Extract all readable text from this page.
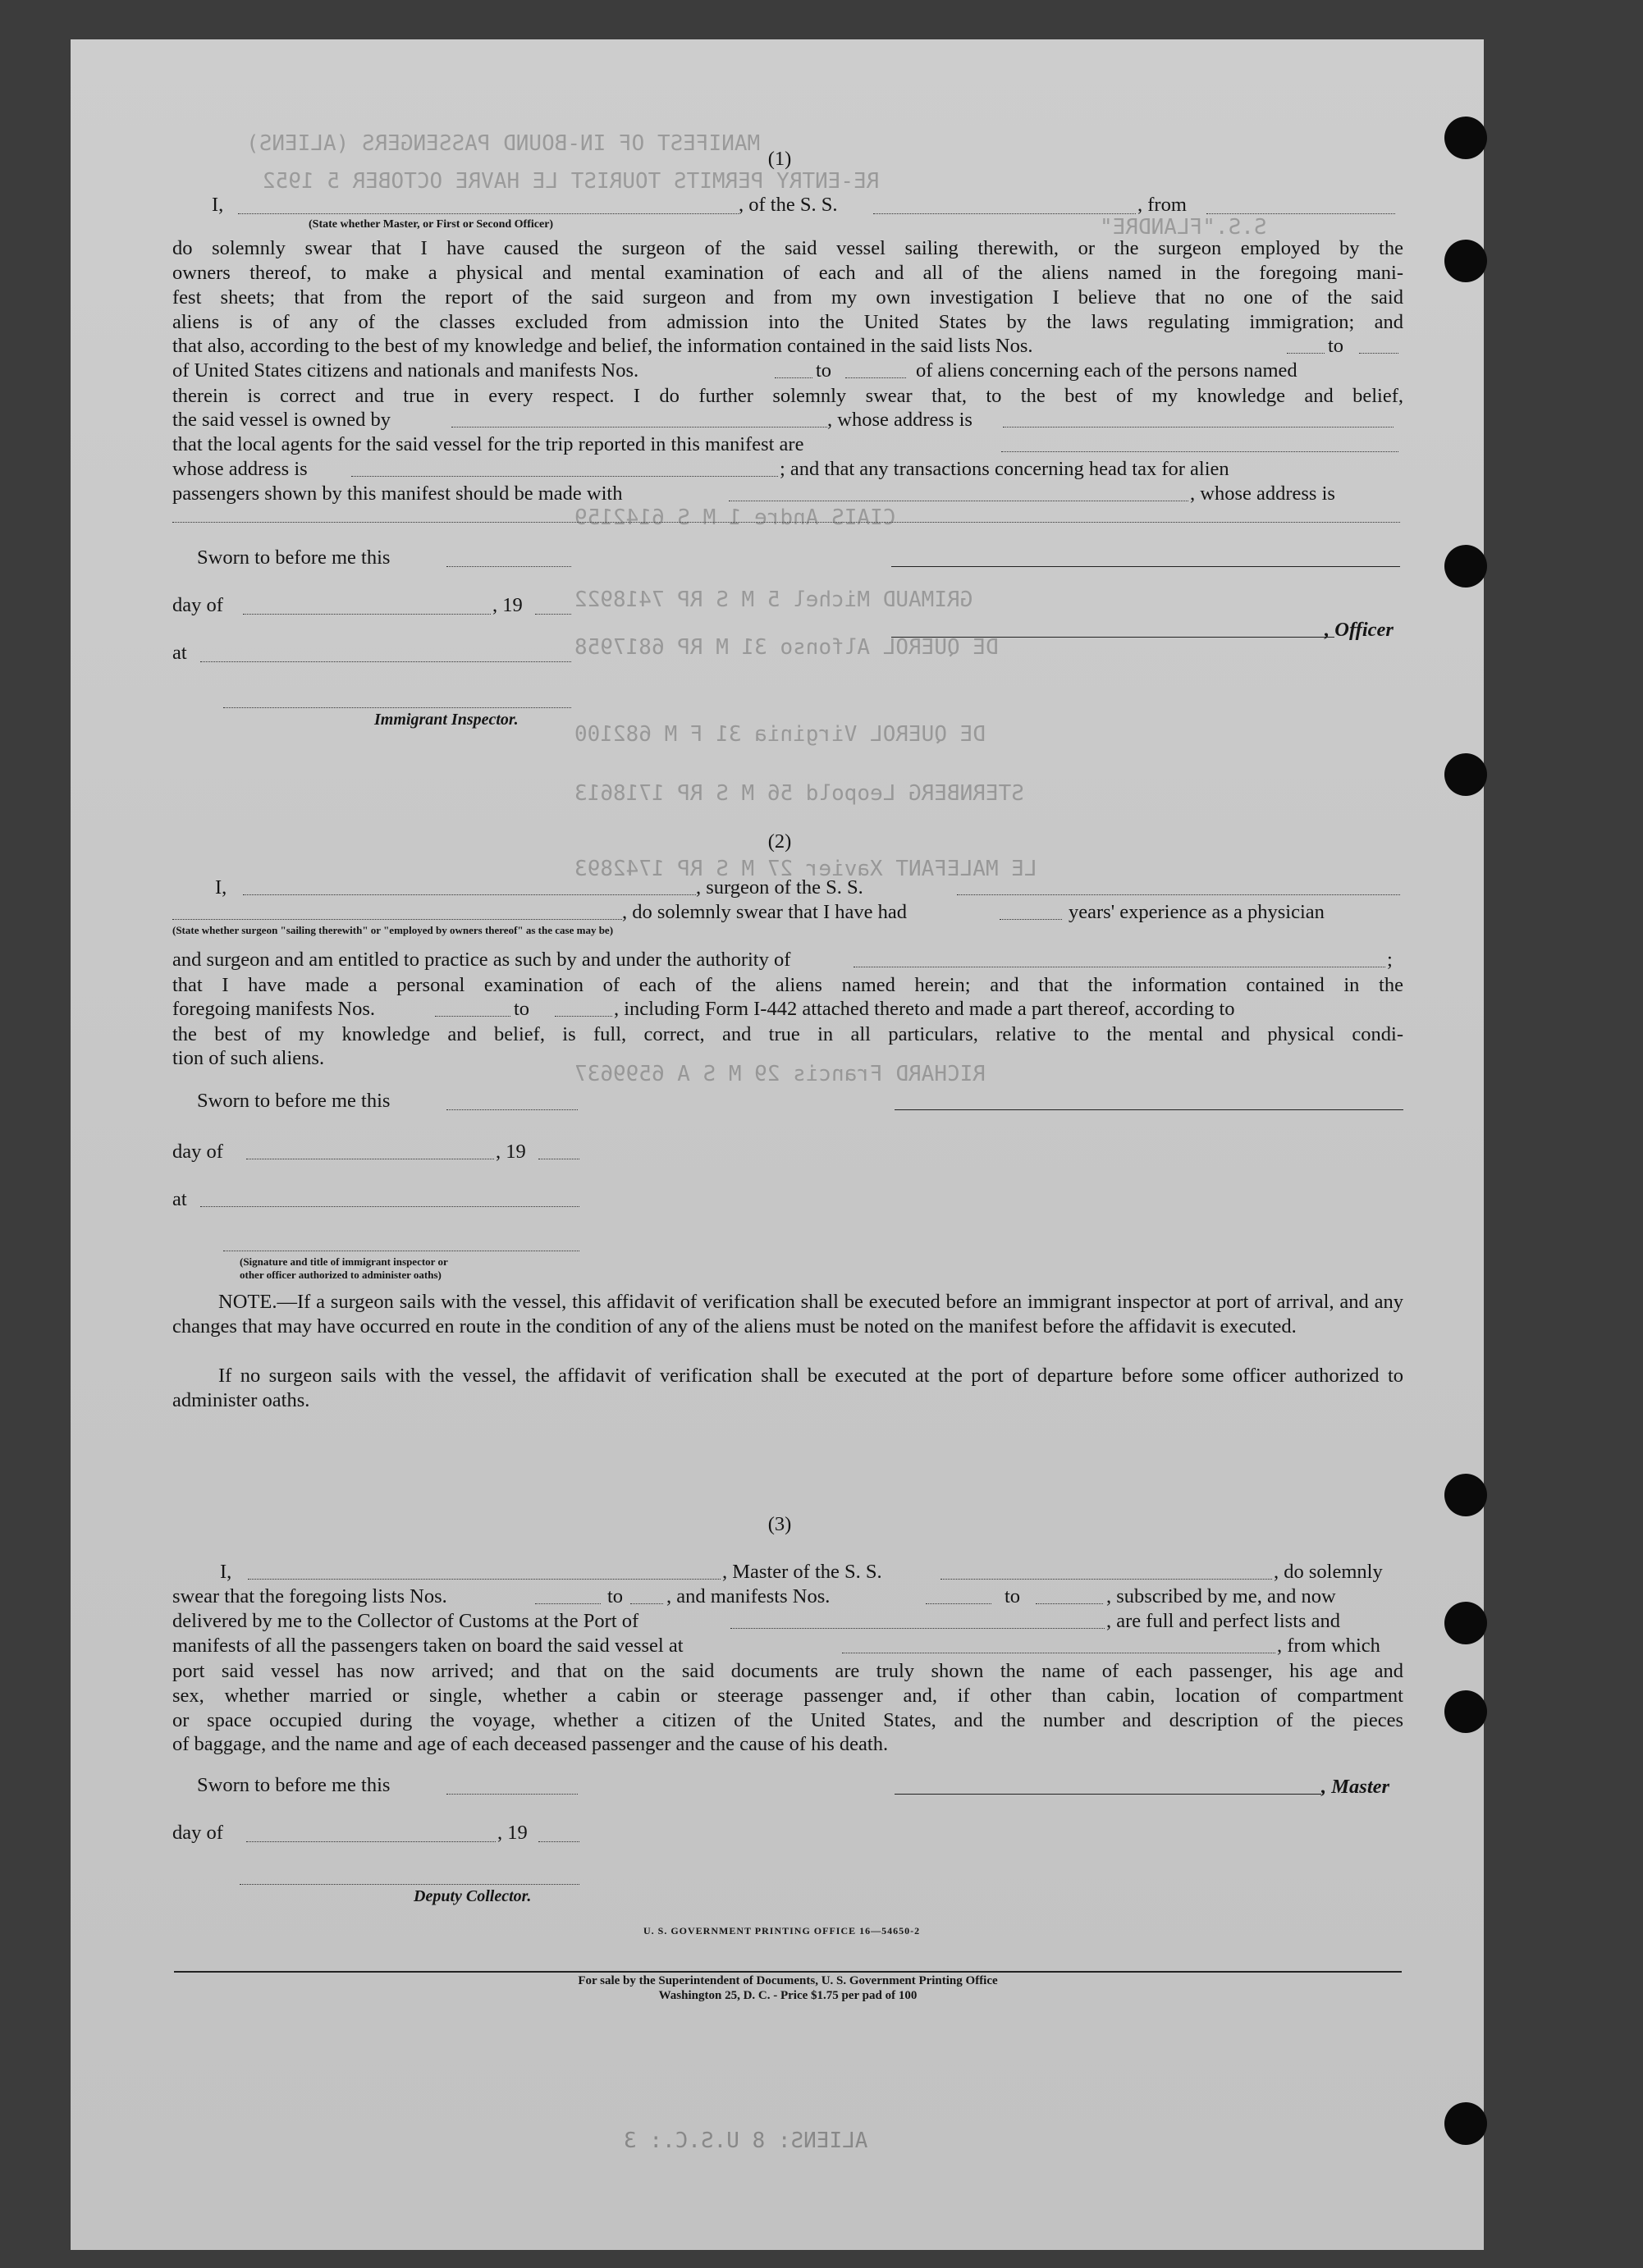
MANIFEST OF IN-BOUND PASSENGERS (ALIENS)
RE-ENTRY PERMITS TOURIST LE HAVRE OCTOBER 5 1952
S.S."FLANDRE"
CIAIS Andre 1 M S 6142159
GRIMAUD Michel 5 M S RP 7418922
DE QUEROL Alfonso 31 M RP 6817958
DE QUEROL Virginia 31 F M 682100
STERNBERG Leopold 56 M S RP 1718613
LE MALEFANT Xavier 27 M S RP 1742893
RICHARD Francis 29 M S A 6599637
ALIENS: 8 U.S.C.: 3
(1)
I,	, of the S. S.	, from
(State whether Master, or First or Second Officer)

do solemnly swear that I have caused the surgeon of the said vessel sailing therewith, or the surgeon employed by the

owners thereof, to make a physical and mental examination of each and all of the aliens named in the foregoing mani-

fest sheets; that from the report of the said surgeon and from my own investigation I believe that no one of the said

aliens is of any of the classes excluded from admission into the United States by the laws regulating immigration; and

that also, according to the best of my knowledge and belief, the information contained in the said lists Nos.	to
of United States citizens and nationals and manifests Nos.	to	of aliens concerning each of the persons named

therein is correct and true in every respect. I do further solemnly swear that, to the best of my knowledge and belief,

the said vessel is owned by	, whose address is
that the local agents for the said vessel for the trip reported in this manifest are
whose address is	; and that any transactions concerning head tax for alien
passengers shown by this manifest should be made with	, whose address is
Sworn to before me this
day of	, 19
, Officer
at
Immigrant Inspector.
(2)
I,	, surgeon of the S. S.
, do solemnly swear that I have had	years' experience as a physician
(State whether surgeon "sailing therewith" or "employed by owners thereof" as the case may be)
and surgeon and am entitled to practice as such by and under the authority of	;

that I have made a personal examination of each of the aliens named herein; and that the information contained in the

foregoing manifests Nos.	to	, including Form I-442 attached thereto and made a part thereof, according to

the best of my knowledge and belief, is full, correct, and true in all particulars, relative to the mental and physical condi-

tion of such aliens.
Sworn to before me this
day of	, 19
at
(Signature and title of immigrant inspector or
other officer authorized to administer oaths)

NOTE.—If a surgeon sails with the vessel, this affidavit of verification shall be executed before an immigrant inspector at port of arrival, and any changes that may have occurred en route in the condition of any of the aliens must be noted on the manifest before the affidavit is executed.

If no surgeon sails with the vessel, the affidavit of verification shall be executed at the port of departure before some officer authorized to administer oaths.

(3)
I,	, Master of the S. S.	, do solemnly
swear that the foregoing lists Nos.	to , and manifests Nos.	to	, subscribed by me, and now
delivered by me to the Collector of Customs at the Port of	, are full and perfect lists and
manifests of all the passengers taken on board the said vessel at	, from which

port said vessel has now arrived; and that on the said documents are truly shown the name of each passenger, his age and

sex, whether married or single, whether a cabin or steerage passenger and, if other than cabin, location of compartment

or space occupied during the voyage, whether a citizen of the United States, and the number and description of the pieces

of baggage, and the name and age of each deceased passenger and the cause of his death.
Sworn to before me this	, Master
day of	, 19
Deputy Collector.
U. S. GOVERNMENT PRINTING OFFICE 16—54650-2
For sale by the Superintendent of Documents, U. S. Government Printing Office
Washington 25, D. C. - Price $1.75 per pad of 100
